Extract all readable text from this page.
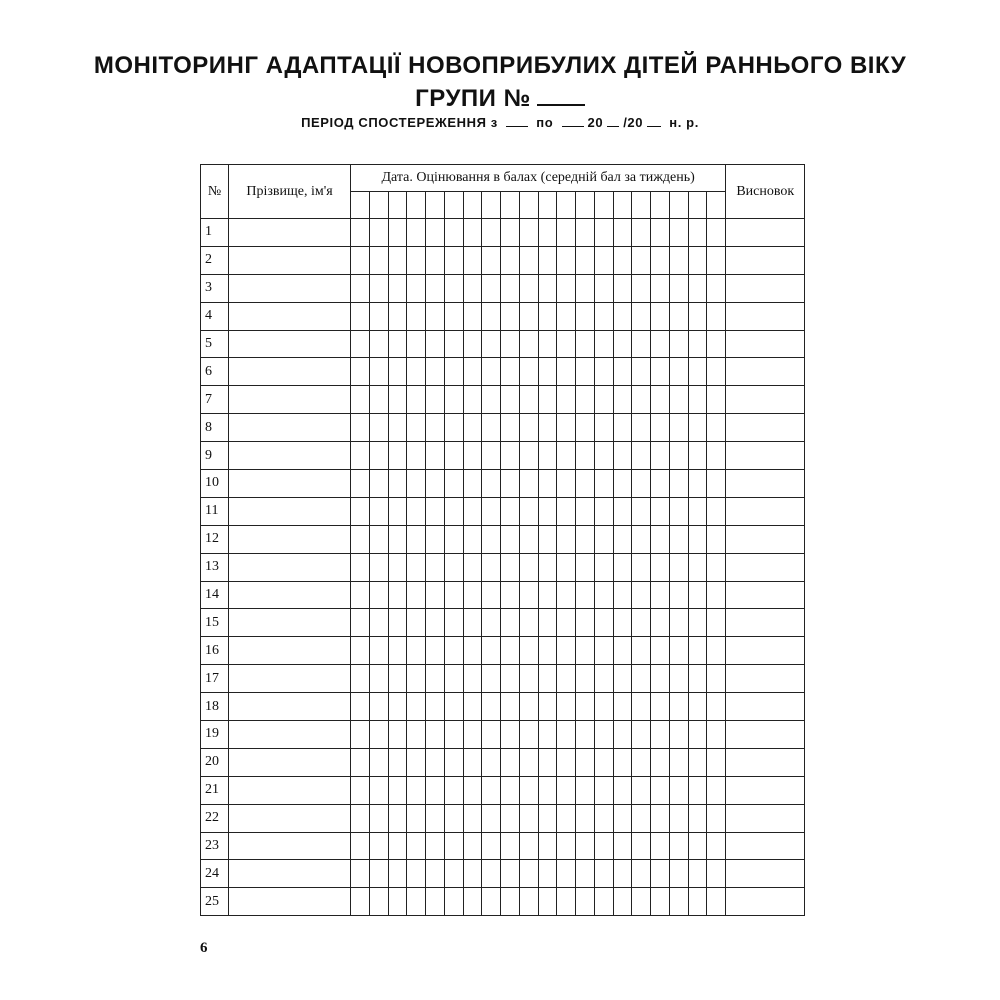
МОНІТОРИНГ АДАПТАЦІЇ НОВОПРИБУЛИХ ДІТЕЙ РАННЬОГО ВІКУ
ГРУПИ №
ПЕРІОД СПОСТЕРЕЖЕННЯ з	по	20 /20 н. р.
№	Прізвище, ім'я	Дата. Оцінювання в балах (середній бал за тиждень)																				Висновок

1																						
2																						
3																						
4																						
5																						
6																						
7																						
8																						
9																						
10																						
11																						
12																						
13																						
14																						
15																						
16																						
17																						
18																						
19																						
20																						
21																						
22																						
23																						
24																						
25																						
6
